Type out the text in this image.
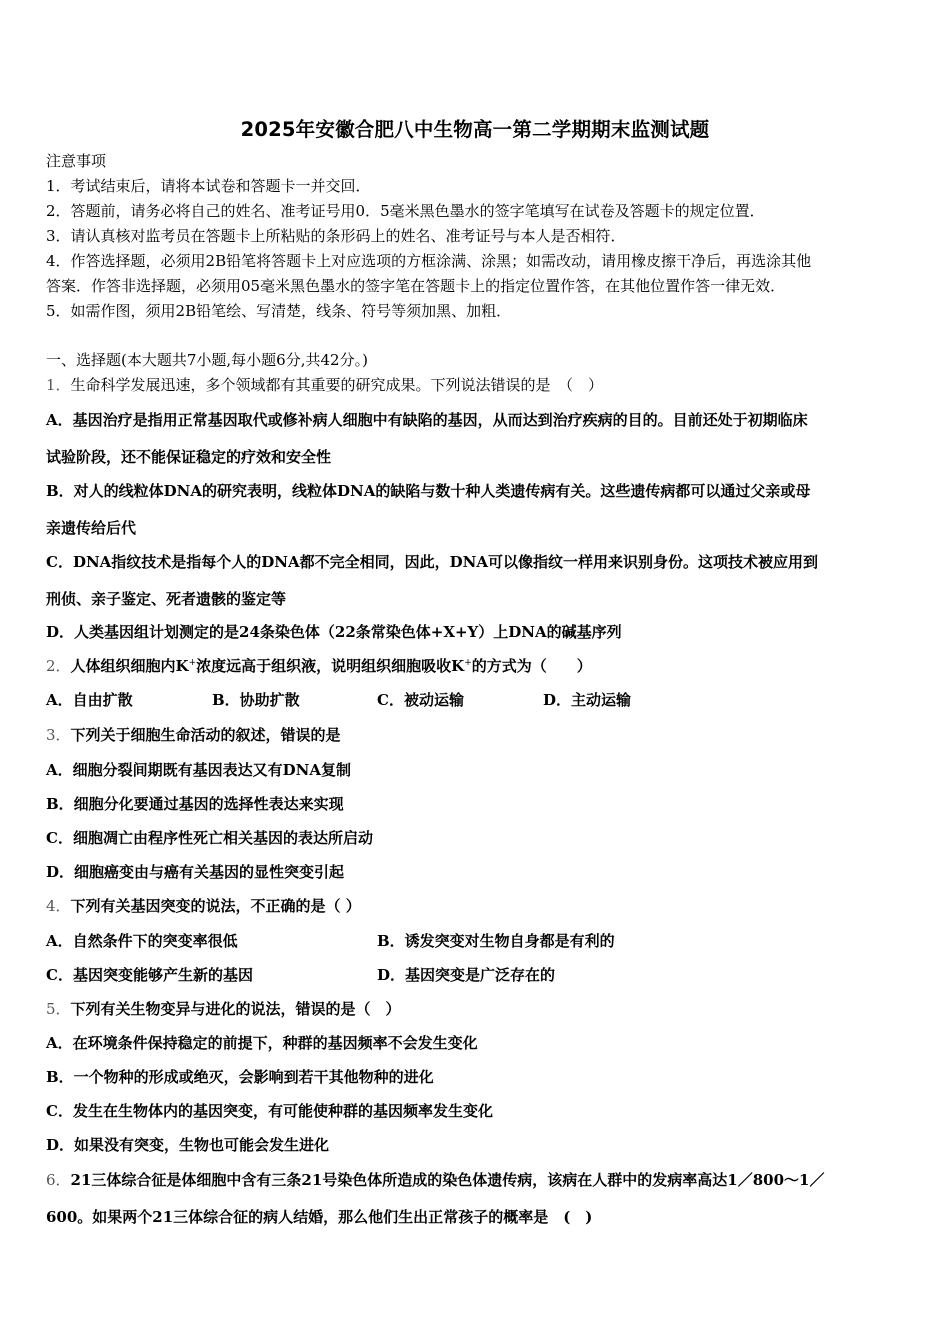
2025年安徽合肥八中生物高一第二学期期末监测试题
注意事项
1．考试结束后，请将本试卷和答题卡一并交回．
2．答题前，请务必将自己的姓名、准考证号用0．5毫米黑色墨水的签字笔填写在试卷及答题卡的规定位置．
3．请认真核对监考员在答题卡上所粘贴的条形码上的姓名、准考证号与本人是否相符．
4．作答选择题，必须用2B铅笔将答题卡上对应选项的方框涂满、涂黑；如需改动，请用橡皮擦干净后，再选涂其他
答案．作答非选择题，必须用05毫米黑色墨水的签字笔在答题卡上的指定位置作答，在其他位置作答一律无效．
5．如需作图，须用2B铅笔绘、写清楚，线条、符号等须加黑、加粗．
一、选择题(本大题共7小题,每小题6分,共42分。)
1．生命科学发展迅速，多个领域都有其重要的研究成果。下列说法错误的是　（　）
A．基因治疗是指用正常基因取代或修补病人细胞中有缺陷的基因，从而达到治疗疾病的目的。目前还处于初期临床
试验阶段，还不能保证稳定的疗效和安全性
B．对人的线粒体DNA的研究表明，线粒体DNA的缺陷与数十种人类遗传病有关。这些遗传病都可以通过父亲或母
亲遗传给后代
C．DNA指纹技术是指每个人的DNA都不完全相同，因此，DNA可以像指纹一样用来识别身份。这项技术被应用到
刑侦、亲子鉴定、死者遗骸的鉴定等
D．人类基因组计划测定的是24条染色体（22条常染色体+X+Y）上DNA的碱基序列
2．人体组织细胞内K+浓度远高于组织液，说明组织细胞吸收K+的方式为（　　）
A．自由扩散	B．协助扩散	C．被动运输	D．主动运输
3．下列关于细胞生命活动的叙述，错误的是
A．细胞分裂间期既有基因表达又有DNA复制
B．细胞分化要通过基因的选择性表达来实现
C．细胞凋亡由程序性死亡相关基因的表达所启动
D．细胞癌变由与癌有关基因的显性突变引起
4．下列有关基因突变的说法，不正确的是（ ）
A．自然条件下的突变率很低	B．诱发突变对生物自身都是有利的
C．基因突变能够产生新的基因	D．基因突变是广泛存在的
5．下列有关生物变异与进化的说法，错误的是（　）
A．在环境条件保持稳定的前提下，种群的基因频率不会发生变化
B．一个物种的形成或绝灭，会影响到若干其他物种的进化
C．发生在生物体内的基因突变，有可能使种群的基因频率发生变化
D．如果没有突变，生物也可能会发生进化
6．21三体综合征是体细胞中含有三条21号染色体所造成的染色体遗传病，该病在人群中的发病率高达1／800～1／
600。如果两个21三体综合征的病人结婚，那么他们生出正常孩子的概率是　(　)
